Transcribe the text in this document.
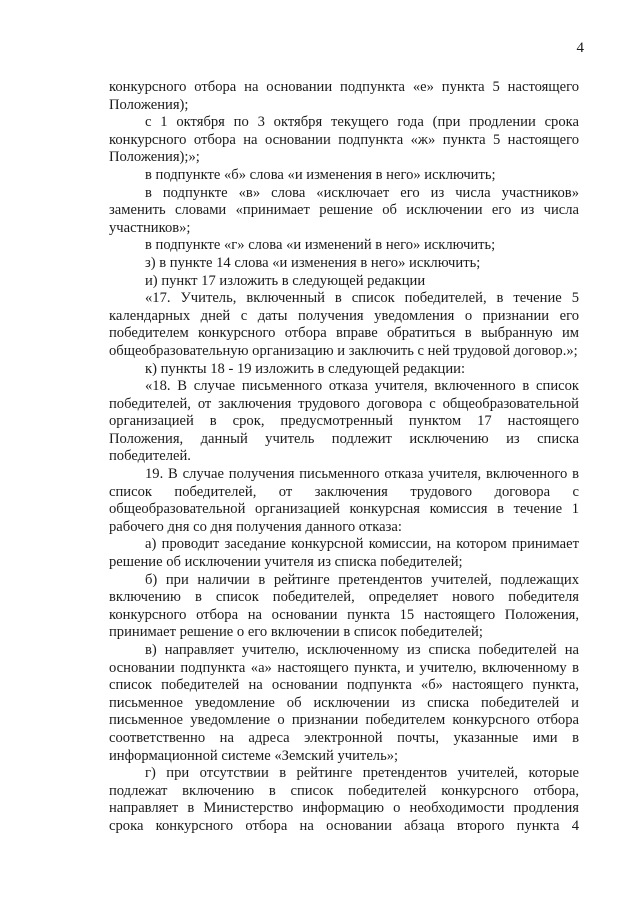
4

конкурсного отбора на основании подпункта «е» пункта 5 настоящего Положения);

с 1 октября по 3 октября текущего года (при продлении срока конкурсного отбора на основании подпункта «ж» пункта 5 настоящего Положения);»;

в подпункте «б» слова «и изменения в него» исключить;

в подпункте «в» слова «исключает его из числа участников» заменить словами «принимает решение об исключении его из числа участников»;

в подпункте «г» слова «и изменений в него» исключить;

з) в пункте 14 слова «и изменения в него» исключить;

и) пункт 17 изложить в следующей редакции

«17. Учитель, включенный в список победителей, в течение 5 календарных дней с даты получения уведомления о признании его победителем конкурсного отбора вправе обратиться в выбранную им общеобразовательную организацию и заключить с ней трудовой договор.»;

к) пункты 18 - 19 изложить в следующей редакции:

«18. В случае письменного отказа учителя, включенного в список победителей, от заключения трудового договора с общеобразовательной организацией в срок, предусмотренный пунктом 17 настоящего Положения, данный учитель подлежит исключению из списка победителей.

19. В случае получения письменного отказа учителя, включенного в список победителей, от заключения трудового договора с общеобразовательной организацией конкурсная комиссия в течение 1 рабочего дня со дня получения данного отказа:

а) проводит заседание конкурсной комиссии, на котором принимает решение об исключении учителя из списка победителей;

б) при наличии в рейтинге претендентов учителей, подлежащих включению в список победителей, определяет нового победителя конкурсного отбора на основании пункта 15 настоящего Положения, принимает решение о его включении в список победителей;

в) направляет учителю, исключенному из списка победителей на основании подпункта «а» настоящего пункта, и учителю, включенному в список победителей на основании подпункта «б» настоящего пункта, письменное уведомление об исключении из списка победителей и письменное уведомление о признании победителем конкурсного отбора соответственно на адреса электронной почты, указанные ими в информационной системе «Земский учитель»;

г) при отсутствии в рейтинге претендентов учителей, которые подлежат включению в список победителей конкурсного отбора, направляет в Министерство информацию о необходимости продления срока конкурсного отбора на основании абзаца второго пункта 4
